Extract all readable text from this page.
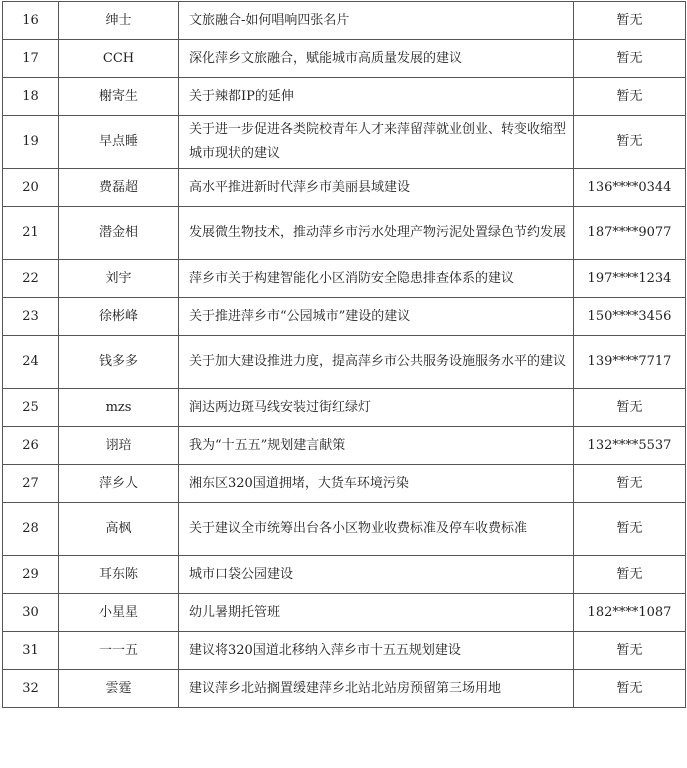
16	绅士	文旅融合-如何唱响四张名片	暂无
17	CCH	深化萍乡文旅融合，赋能城市高质量发展的建议	暂无
18	榭寄生	关于辣都IP的延伸	暂无
19	早点睡	关于进一步促进各类院校青年人才来萍留萍就业创业、转变收缩型城市现状的建议	暂无
20	费磊超	高水平推进新时代萍乡市美丽县域建设	136****0344
21	潜金相	发展微生物技术，推动萍乡市污水处理产物污泥处置绿色节约发展	187****9077
22	刘宇	萍乡市关于构建智能化小区消防安全隐患排查体系的建议	197****1234
23	徐彬峰	关于推进萍乡市“公园城市”建设的建议	150****3456
24	钱多多	关于加大建设推进力度，提高萍乡市公共服务设施服务水平的建议	139****7717
25	mzs	润达两边斑马线安装过街红绿灯	暂无
26	诩琣	我为“十五五”规划建言献策	132****5537
27	萍乡人	湘东区320国道拥堵，大货车环境污染	暂无
28	高枫	关于建议全市统筹出台各小区物业收费标准及停车收费标准	暂无
29	耳东陈	城市口袋公园建设	暂无
30	小星星	幼儿暑期托管班	182****1087
31	一一五	建议将320国道北移纳入萍乡市十五五规划建设	暂无
32	雲霆	建议萍乡北站搁置缓建萍乡北站北站房预留第三场用地	暂无
